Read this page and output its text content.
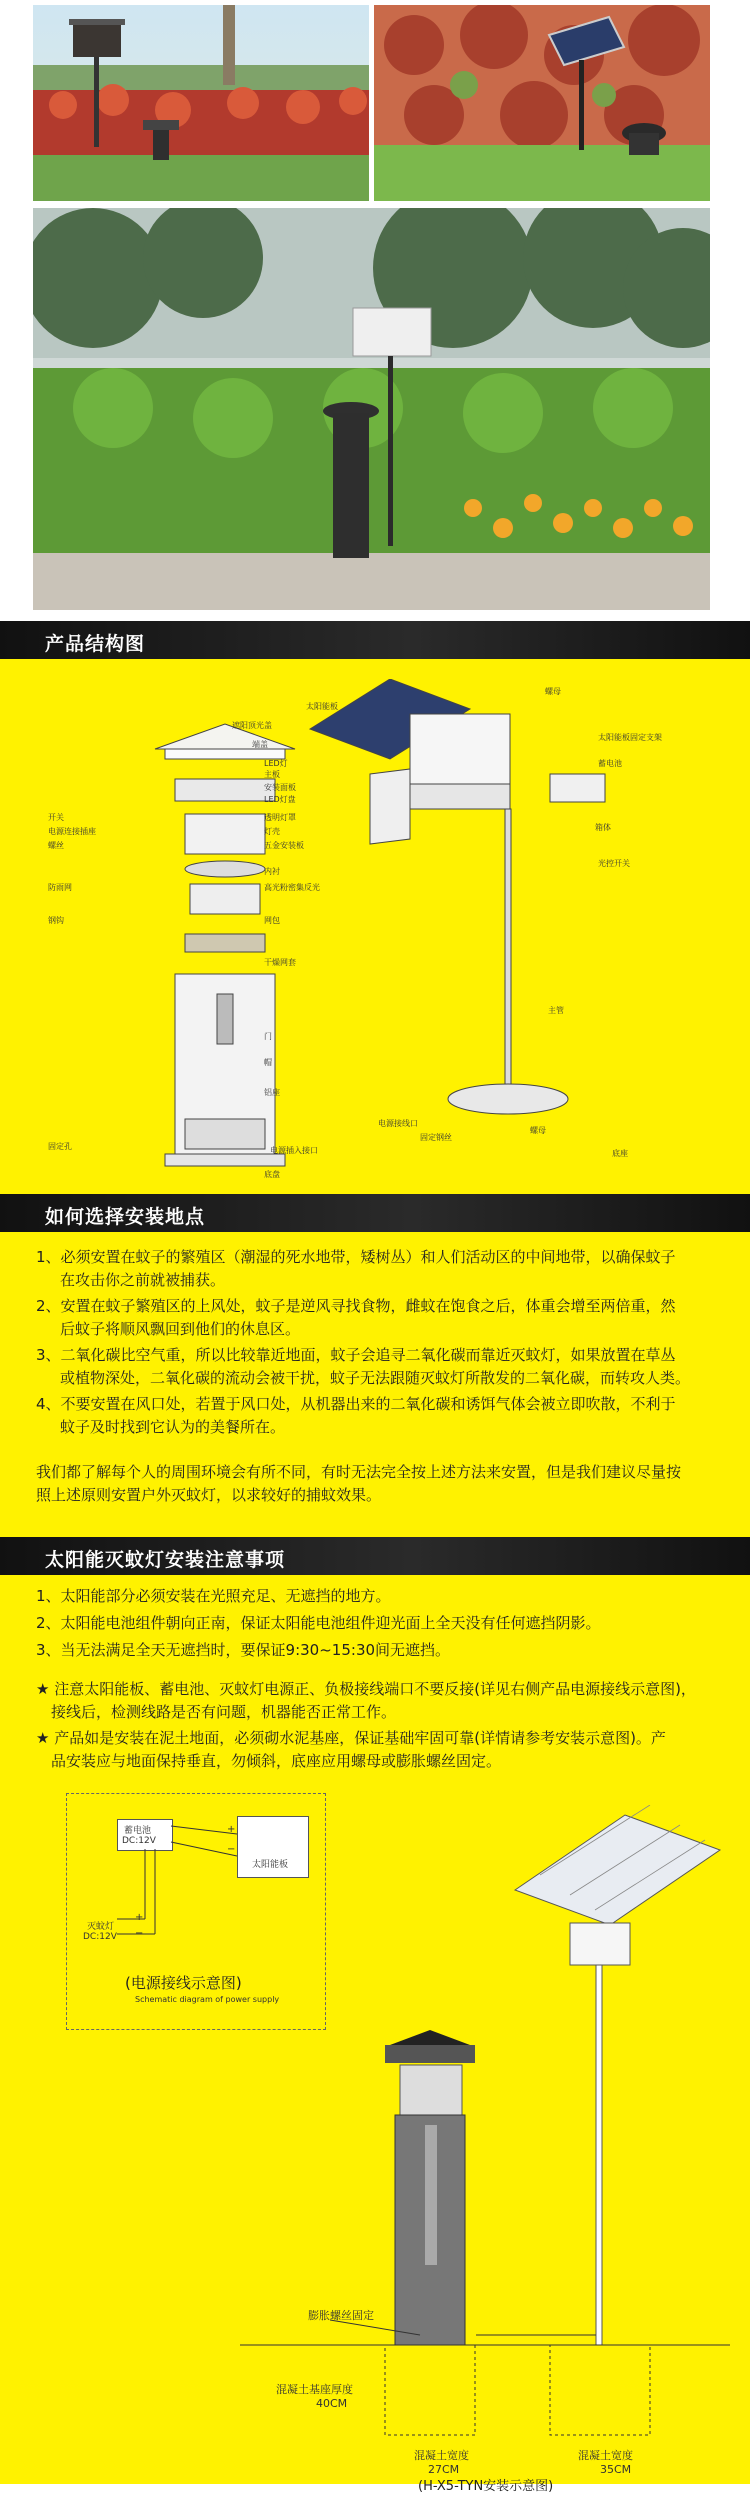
产品结构图
遮阳顶光盖
端盖
LED灯
主板
安装面板
LED灯盘
开关	透明灯罩
电源连接插座	灯壳
螺丝	五金安装板
内衬
防雨网	高光粉密集反光
钢钩	网包
干燥网套
门
帽
铝座
固定孔
底盘
电源插入接口
太阳能板
螺母
太阳能板固定支架
蓄电池
箱体
光控开关
主管
电源接线口
固定钢丝
螺母
底座
如何选择安装地点
1、必须安置在蚊子的繁殖区（潮湿的死水地带，矮树丛）和人们活动区的中间地带，以确保蚊子
在攻击你之前就被捕获。
2、安置在蚊子繁殖区的上风处，蚊子是逆风寻找食物，雌蚊在饱食之后，体重会增至两倍重，然
后蚊子将顺风飘回到他们的休息区。
3、二氧化碳比空气重，所以比较靠近地面，蚊子会追寻二氧化碳而靠近灭蚊灯，如果放置在草丛
或植物深处，二氧化碳的流动会被干扰，蚊子无法跟随灭蚊灯所散发的二氧化碳，而转攻人类。
4、不要安置在风口处，若置于风口处，从机器出来的二氧化碳和诱饵气体会被立即吹散，不利于
蚊子及时找到它认为的美餐所在。
我们都了解每个人的周围环境会有所不同，有时无法完全按上述方法来安置，但是我们建议尽量按
照上述原则安置户外灭蚊灯，以求较好的捕蚊效果。
太阳能灭蚊灯安装注意事项
1、太阳能部分必须安装在光照充足、无遮挡的地方。
2、太阳能电池组件朝向正南，保证太阳能电池组件迎光面上全天没有任何遮挡阴影。
3、当无法满足全天无遮挡时，要保证9:30~15:30间无遮挡。
★ 注意太阳能板、蓄电池、灭蚊灯电源正、负极接线端口不要反接(详见右侧产品电源接线示意图)，
　接线后，检测线路是否有问题，机器能否正常工作。
★ 产品如是安装在泥土地面，必须砌水泥基座，保证基础牢固可靠(详情请参考安装示意图)。产
　品安装应与地面保持垂直，勿倾斜，底座应用螺母或膨胀螺丝固定。
蓄电池
DC:12V
太阳能板
灭蚊灯
DC:12V
+
−
+
−
(电源接线示意图)
Schematic diagram of power supply
膨胀螺丝固定
混凝土基座厚度
40CM
混凝土宽度
27CM
混凝土宽度
35CM
(H-X5-TYN安装示意图)
